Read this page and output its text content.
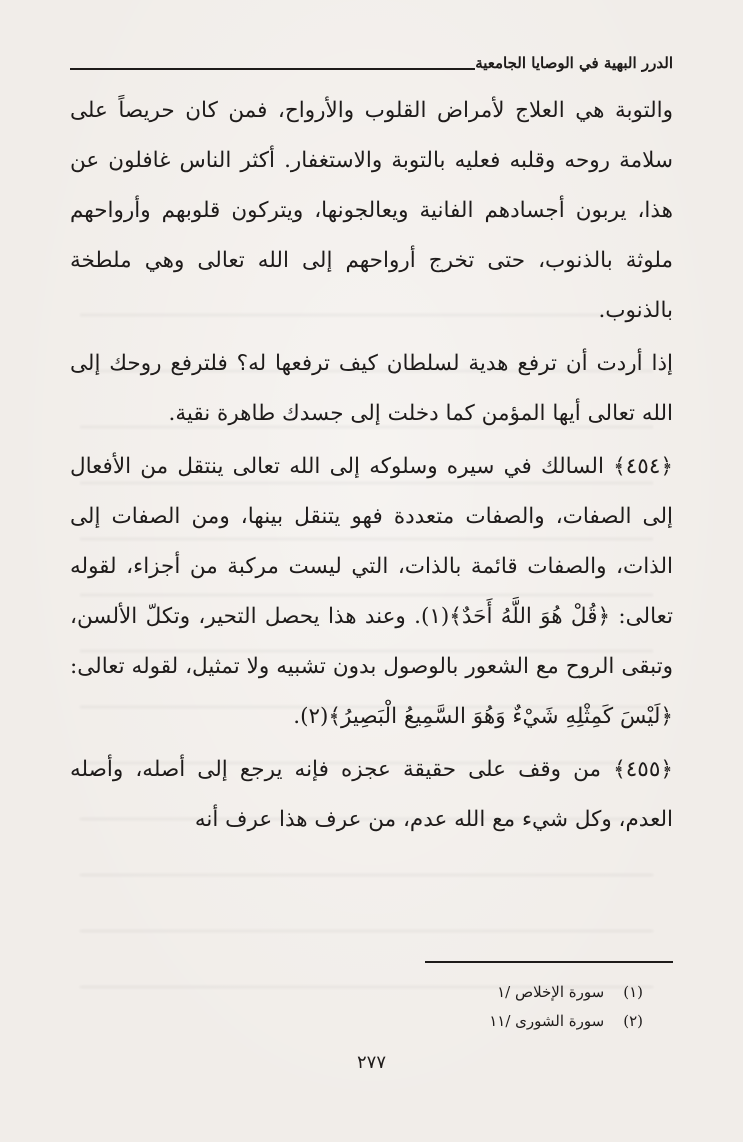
الدرر البهية في الوصايا الجامعية

والتوبة هي العلاج لأمراض القلوب والأرواح، فمن كان حريصاً على سلامة روحه وقلبه فعليه بالتوبة والاستغفار. أكثر الناس غافلون عن هذا، يربون أجسادهم الفانية ويعالجونها، ويتركون قلوبهم وأرواحهم ملوثة بالذنوب، حتى تخرج أرواحهم إلى الله تعالى وهي ملطخة بالذنوب.

إذا أردت أن ترفع هدية لسلطان كيف ترفعها له؟ فلترفع روحك إلى الله تعالى أيها المؤمن كما دخلت إلى جسدك طاهرة نقية.

﴿٤٥٤﴾ السالك في سيره وسلوكه إلى الله تعالى ينتقل من الأفعال إلى الصفات، والصفات متعددة فهو يتنقل بينها، ومن الصفات إلى الذات، والصفات قائمة بالذات، التي ليست مركبة من أجزاء، لقوله تعالى: ﴿قُلْ هُوَ اللَّهُ أَحَدٌ﴾(١). وعند هذا يحصل التحير، وتكلّ الألسن، وتبقى الروح مع الشعور بالوصول بدون تشبيه ولا تمثيل، لقوله تعالى: ﴿لَيْسَ كَمِثْلِهِ شَيْءٌ وَهُوَ السَّمِيعُ الْبَصِيرُ﴾(٢).

﴿٤٥٥﴾ من وقف على حقيقة عجزه فإنه يرجع إلى أصله، وأصله العدم، وكل شيء مع الله عدم، من عرف هذا عرف أنه

(١) سورة الإخلاص /١
(٢) سورة الشورى /١١
٢٧٧
